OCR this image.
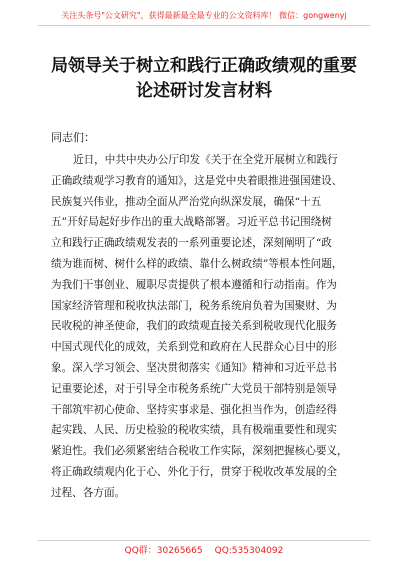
关注头条号"公文研究"，获得最新最全最专业的公文资料库！ 微信：gongwenyj
局领导关于树立和践行正确政绩观的重要
论述研讨发言材料
同志们：
近日，中共中央办公厅印发《关于在全党开展树立和践行
正确政绩观学习教育的通知》，这是党中央着眼推进强国建设、
民族复兴伟业，推动全面从严治党向纵深发展，确保“十五
五”开好局起好步作出的重大战略部署。习近平总书记围绕树
立和践行正确政绩观发表的一系列重要论述，深刻阐明了“政
绩为谁而树、树什么样的政绩、靠什么树政绩”等根本性问题，
为我们干事创业、履职尽责提供了根本遵循和行动指南。作为
国家经济管理和税收执法部门，税务系统肩负着为国聚财、为
民收税的神圣使命，我们的政绩观直接关系到税收现代化服务
中国式现代化的成效，关系到党和政府在人民群众心目中的形
象。深入学习领会、坚决贯彻落实《通知》精神和习近平总书
记重要论述，对于引导全市税务系统广大党员干部特别是领导
干部筑牢初心使命、坚持实事求是、强化担当作为，创造经得
起实践、人民、历史检验的税收实绩，具有极端重要性和现实
紧迫性。我们必须紧密结合税收工作实际，深刻把握核心要义，
将正确政绩观内化于心、外化于行，贯穿于税收改革发展的全
过程、各方面。
QQ群：30265665 QQ:535304092
